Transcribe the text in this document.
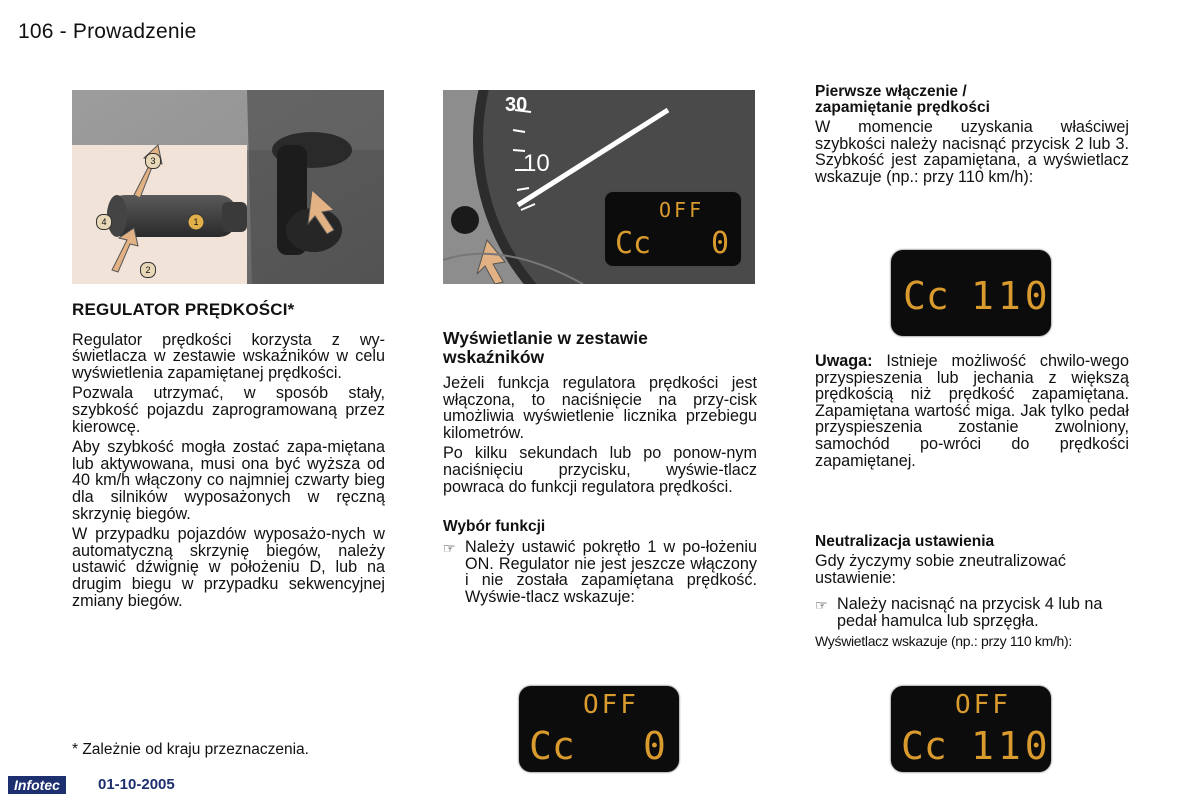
106 - Prowadzenie
3
4	1
2
30
10
OFF
Cc 0
REGULATOR PRĘDKOŚCI*

Regulator prędkości korzysta z wy-świetlacza w zestawie wskaźników w celu wyświetlenia zapamiętanej prędkości.

Pozwala utrzymać, w sposób stały, szybkość pojazdu zaprogramowaną przez kierowcę.

Aby szybkość mogła zostać zapa-miętana lub aktywowana, musi ona być wyższa od 40 km/h włączony co najmniej czwarty bieg dla silników wyposażonych w ręczną skrzynię biegów.

W przypadku pojazdów wyposażo-nych w automatyczną skrzynię biegów, należy ustawić dźwignię w położeniu D, lub na drugim biegu w przypadku sekwencyjnej zmiany biegów.

* Zależnie od kraju przeznaczenia.
Wyświetlanie w zestawie wskaźników

Jeżeli funkcja regulatora prędkości jest włączona, to naciśnięcie na przy-cisk umożliwia wyświetlenie licznika przebiegu kilometrów.

Po kilku sekundach lub po ponow-nym naciśnięciu przycisku, wyświe-tlacz powraca do funkcji regulatora prędkości.

Wybór funkcji
☞ Należy ustawić pokrętło 1 w po-łożeniu ON. Regulator nie jest jeszcze włączony i nie została zapamiętana prędkość. Wyświe-tlacz wskazuje:
Pierwsze włączenie / zapamiętanie prędkości

W momencie uzyskania właściwej szybkości należy nacisnąć przycisk 2 lub 3. Szybkość jest zapamiętana, a wyświetlacz wskazuje (np.: przy 110 km/h):

Cc 110

Uwaga: Istnieje możliwość chwilo-wego przyspieszenia lub jechania z większą prędkością niż prędkość zapamiętana. Zapamiętana wartość miga. Jak tylko pedał przyspieszenia zostanie zwolniony, samochód po-wróci do prędkości zapamiętanej.

Neutralizacja ustawienia

Gdy życzymy sobie zneutralizować ustawienie:

☞ Należy nacisnąć na przycisk 4 lub na pedał hamulca lub sprzęgła.
Wyświetlacz wskazuje (np.: przy 110 km/h):
OFF
Cc 0
OFF
Cc 110
Infotec	01-10-2005
